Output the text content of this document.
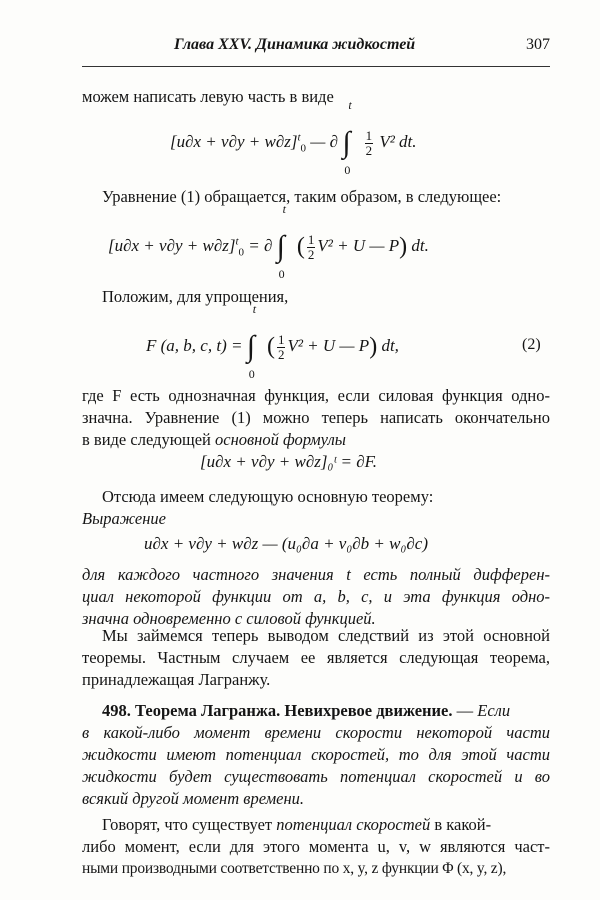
Глава XXV. Динамика жидкостей	307
можем написать левую часть в виде
$[u\partial x + v\partial y + w\partial z]^t_0$ — ∂
t
∫
0

$\frac{1}{2} V^2$ dt.
Уравнение (1) обращается, таким образом, в следующее:
$[u\partial x + v\partial y + w\partial z]^t_0$ = ∂
t
∫
0
( $\frac{1}{2} V^2 + U$ — P) dt.
Положим, для упрощения,
F (a, b, c, t) =
t
∫
0
( $\frac{1}{2} V^2 + U$ — P) dt,	(2)
где F есть однозначная функция, если силовая функция одно-
значна. Уравнение (1) можно теперь написать окончательно
в виде следующей основной формулы
[u∂x + v∂y + w∂z]₀ᵗ = ∂F.
Отсюда имеем следующую основную теорему:
Выражение
u∂x + v∂y + w∂z — (u₀∂a + v₀∂b + w₀∂c)
для каждого частного значения t есть полный дифферен-
циал некоторой функции от a, b, c, и эта функция одно-
значна одновременно с силовой функцией.
Мы займемся теперь выводом следствий из этой основной
теоремы. Частным случаем ее является следующая теорема,
принадлежащая Лагранжу.
498. Теорема Лагранжа. Невихревое движение. — Если
в какой-либо момент времени скорости некоторой части
жидкости имеют потенциал скоростей, то для этой части
жидкости будет существовать потенциал скоростей и во
всякий другой момент времени.
Говорят, что существует потенциал скоростей в какой-
либо момент, если для этого момента u, v, w являются част-
ными производными соответственно по x, y, z функции Φ (x, y, z),
